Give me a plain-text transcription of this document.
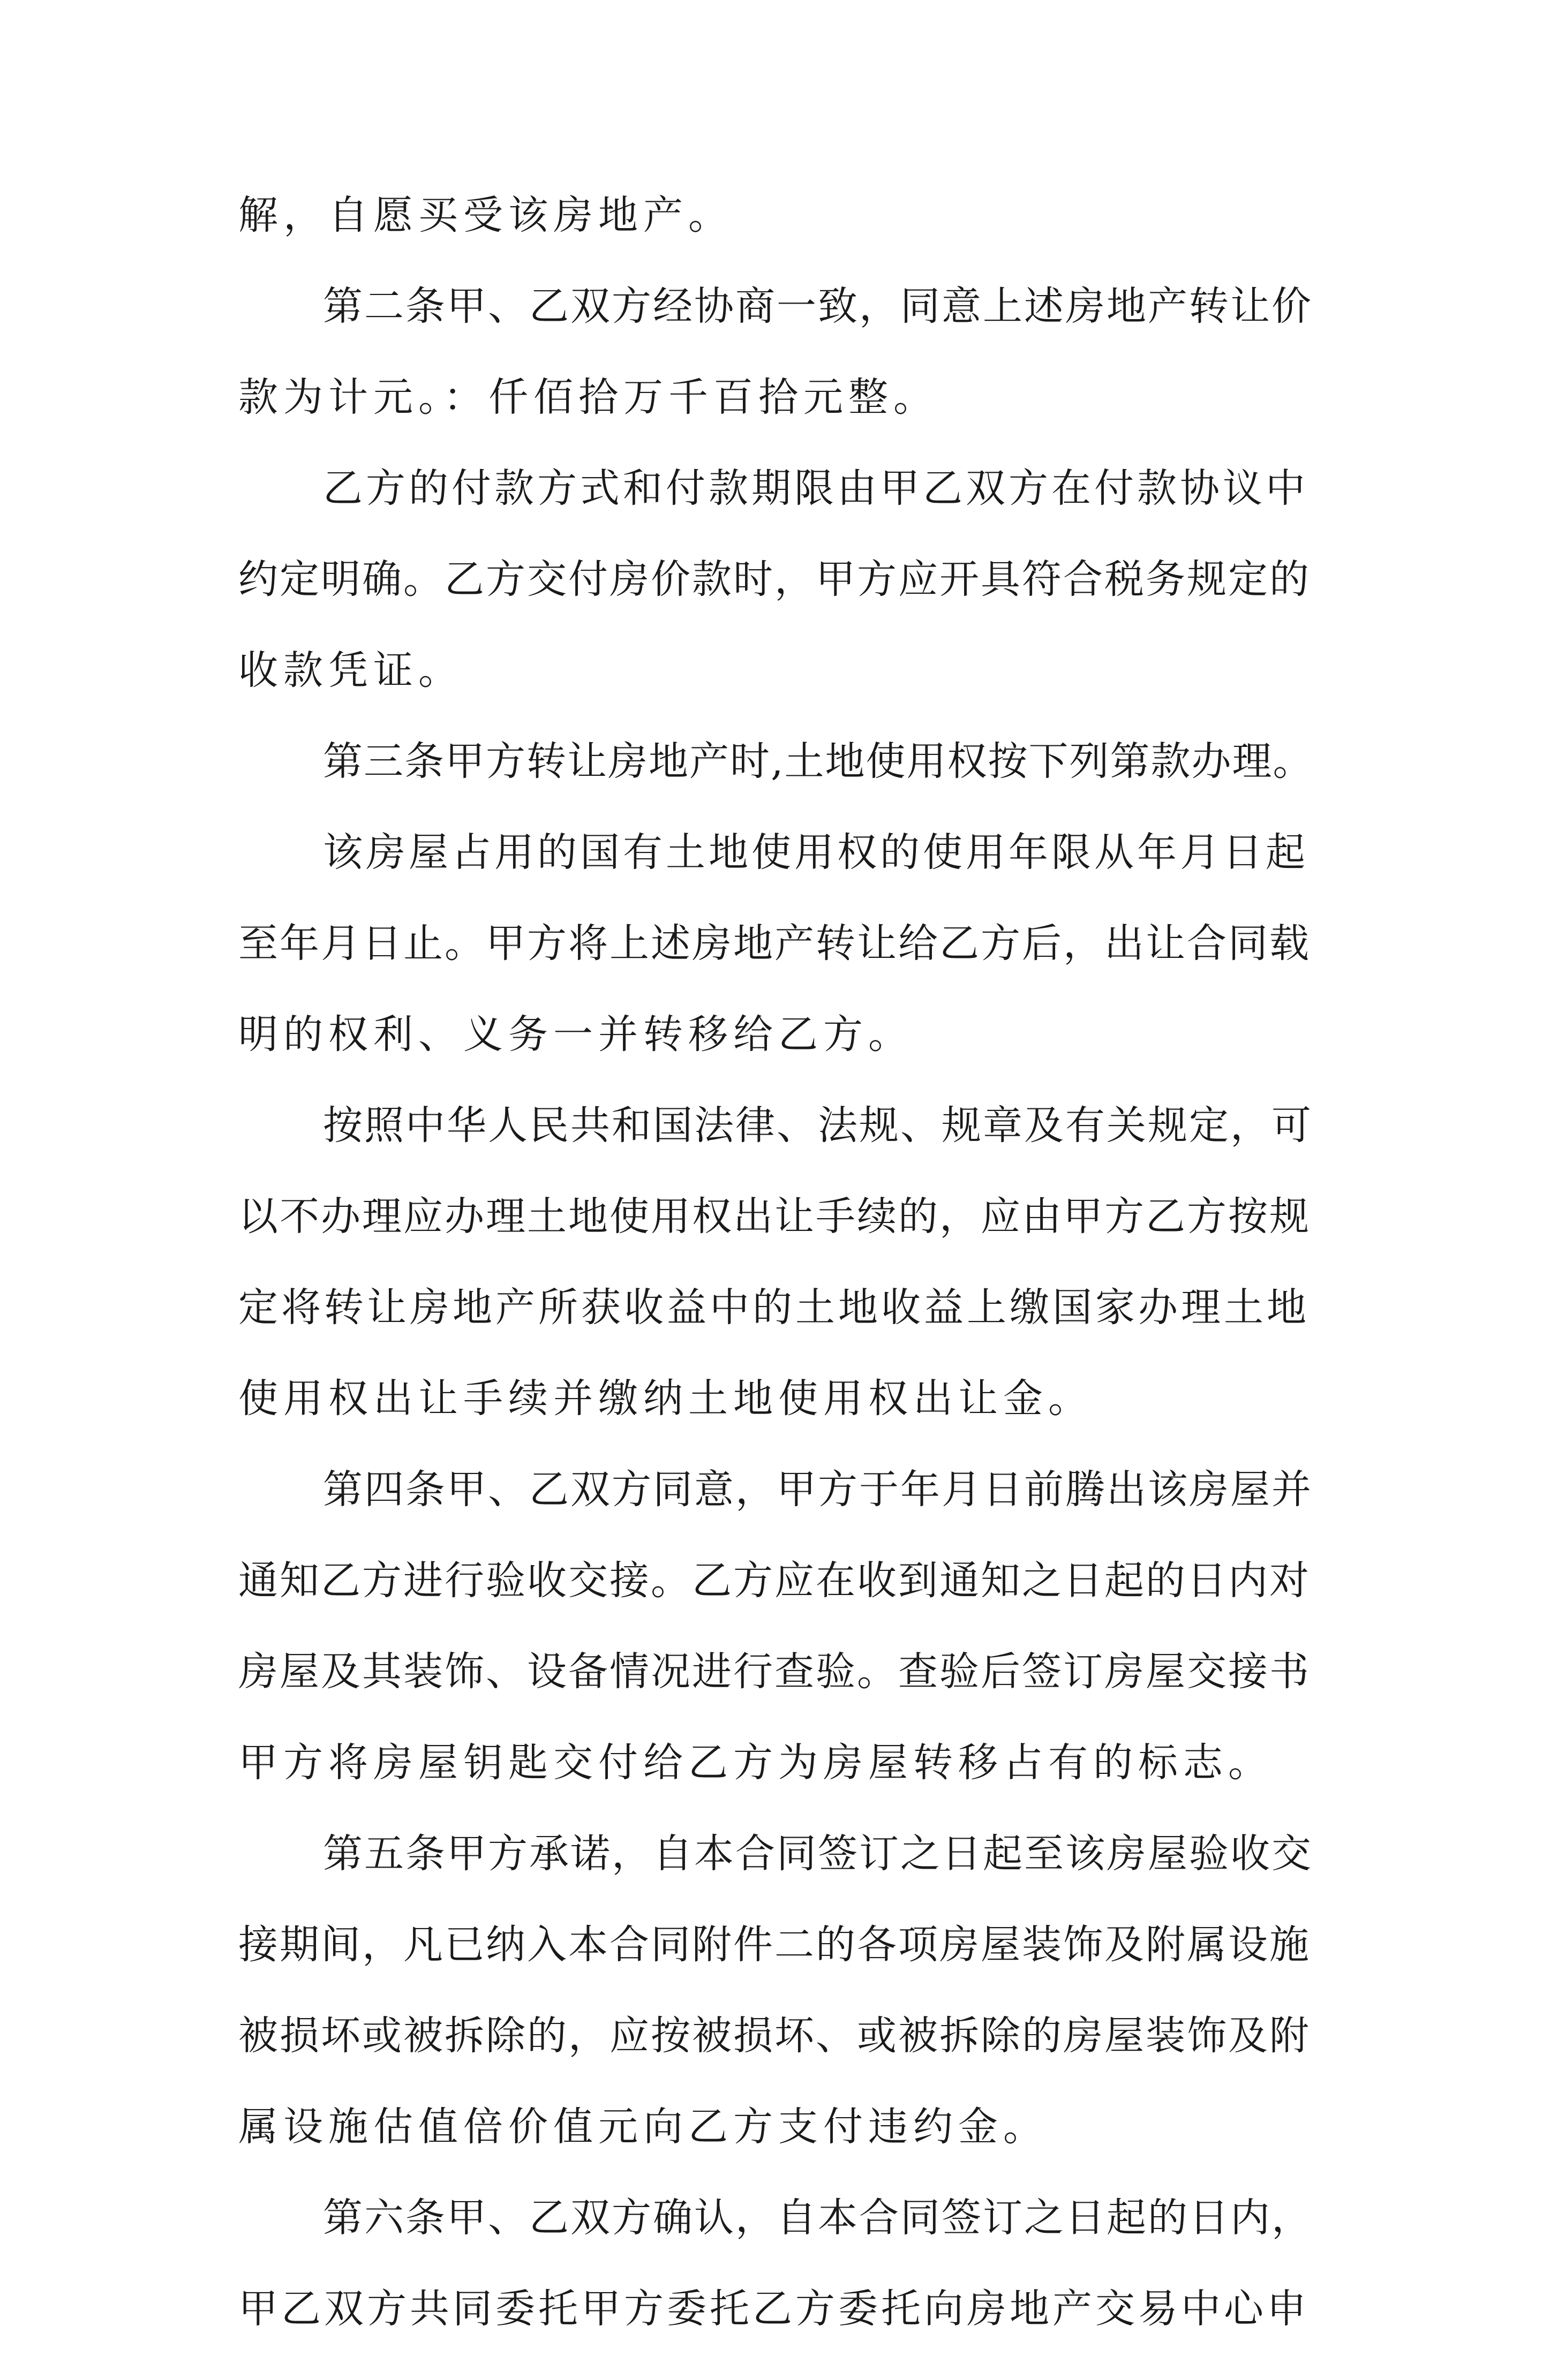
解，自愿买受该房地产。
第二条甲、乙双方经协商一致，同意上述房地产转让价
款为计元。：仟佰拾万千百拾元整。
乙方的付款方式和付款期限由甲乙双方在付款协议中
约定明确。乙方交付房价款时，甲方应开具符合税务规定的
收款凭证。
第三条甲方转让房地产时,土地使用权按下列第款办理。
该房屋占用的国有土地使用权的使用年限从年月日起
至年月日止。甲方将上述房地产转让给乙方后，出让合同载
明的权利、义务一并转移给乙方。
按照中华人民共和国法律、法规、规章及有关规定，可
以不办理应办理土地使用权出让手续的，应由甲方乙方按规
定将转让房地产所获收益中的土地收益上缴国家办理土地
使用权出让手续并缴纳土地使用权出让金。
第四条甲、乙双方同意，甲方于年月日前腾出该房屋并
通知乙方进行验收交接。乙方应在收到通知之日起的日内对
房屋及其装饰、设备情况进行查验。查验后签订房屋交接书
甲方将房屋钥匙交付给乙方为房屋转移占有的标志。
第五条甲方承诺，自本合同签订之日起至该房屋验收交
接期间，凡已纳入本合同附件二的各项房屋装饰及附属设施
被损坏或被拆除的，应按被损坏、或被拆除的房屋装饰及附
属设施估值倍价值元向乙方支付违约金。
第六条甲、乙双方确认，自本合同签订之日起的日内，
甲乙双方共同委托甲方委托乙方委托向房地产交易中心申
